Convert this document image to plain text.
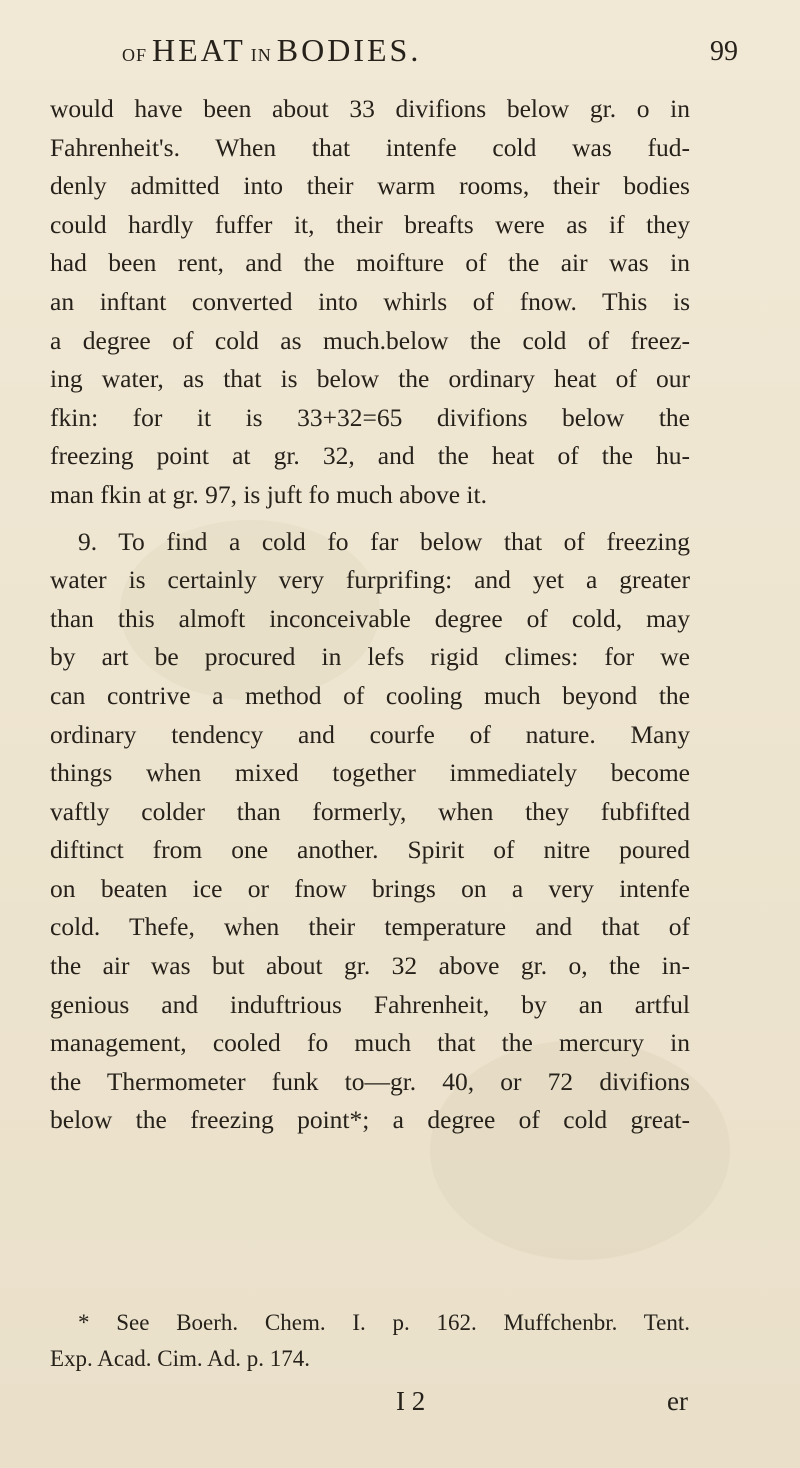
OF HEAT IN BODIES.	99
would have been about 33 divifions below gr. o in
Fahrenheit's. When that intenfe cold was fud-
denly admitted into their warm rooms, their bodies
could hardly fuffer it, their breafts were as if they
had been rent, and the moifture of the air was in
an inftant converted into whirls of fnow. This is
a degree of cold as much.below the cold of freez-
ing water, as that is below the ordinary heat of our
fkin: for it is 33+32=65 divifions below the
freezing point at gr. 32, and the heat of the hu-
man fkin at gr. 97, is juft fo much above it.
9. To find a cold fo far below that of freezing
water is certainly very furprifing: and yet a greater
than this almoft inconceivable degree of cold, may
by art be procured in lefs rigid climes: for we
can contrive a method of cooling much beyond the
ordinary tendency and courfe of nature. Many
things when mixed together immediately become
vaftly colder than formerly, when they fubfifted
diftinct from one another. Spirit of nitre poured
on beaten ice or fnow brings on a very intenfe
cold. Thefe, when their temperature and that of
the air was but about gr. 32 above gr. o, the in-
genious and induftrious Fahrenheit, by an artful
management, cooled fo much that the mercury in
the Thermometer funk to—gr. 40, or 72 divifions
below the freezing point*; a degree of cold great-
* See Boerh. Chem. I. p. 162. Muffchenbr. Tent.
Exp. Acad. Cim. Ad. p. 174.
I 2	er
